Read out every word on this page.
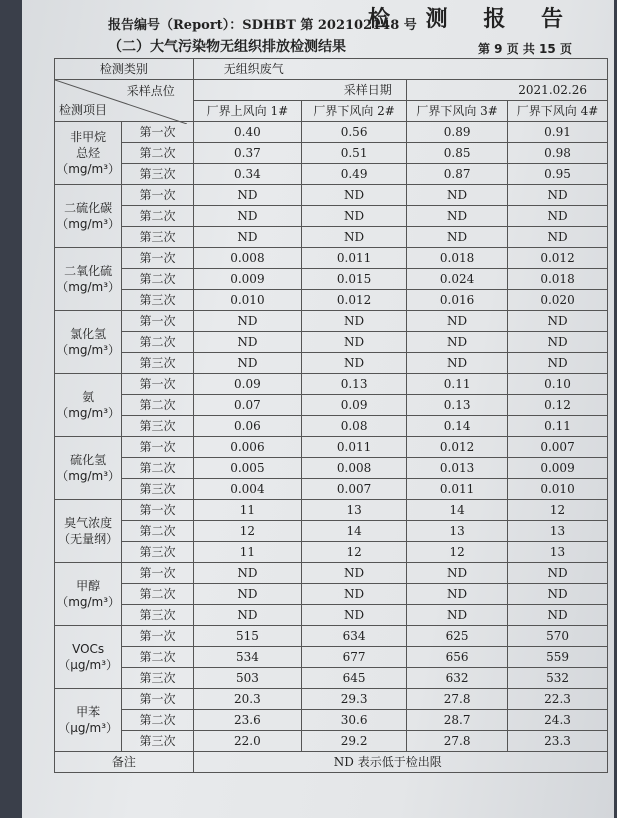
报告编号（Report）：SDHBT 第 202102148 号
检 测 报 告
（二）大气污染物无组织排放检测结果	第 9 页 共 15 页
检测类别		无组织废气			

采样点位
检测项目		采样日期		2021.02.26	
		厂界上风向 1#	厂界下风向 2#	厂界下风向 3#	厂界下风向 4#
非甲烷
总烃
（mg/m³）	第一次	0.40	0.56	0.89	0.91
	第二次	0.37	0.51	0.85	0.98
	第三次	0.34	0.49	0.87	0.95
二硫化碳
（mg/m³）	第一次	ND	ND	ND	ND
	第二次	ND	ND	ND	ND
	第三次	ND	ND	ND	ND
二氧化硫
（mg/m³）	第一次	0.008	0.011	0.018	0.012
	第二次	0.009	0.015	0.024	0.018
	第三次	0.010	0.012	0.016	0.020
氯化氢
（mg/m³）	第一次	ND	ND	ND	ND
	第二次	ND	ND	ND	ND
	第三次	ND	ND	ND	ND
氨
（mg/m³）	第一次	0.09	0.13	0.11	0.10
	第二次	0.07	0.09	0.13	0.12
	第三次	0.06	0.08	0.14	0.11
硫化氢
（mg/m³）	第一次	0.006	0.011	0.012	0.007
	第二次	0.005	0.008	0.013	0.009
	第三次	0.004	0.007	0.011	0.010
臭气浓度
（无量纲）	第一次	11	13	14	12
	第二次	12	14	13	13
	第三次	11	12	12	13
甲醇
（mg/m³）	第一次	ND	ND	ND	ND
	第二次	ND	ND	ND	ND
	第三次	ND	ND	ND	ND
VOCs
（μg/m³）	第一次	515	634	625	570
	第二次	534	677	656	559
	第三次	503	645	632	532
甲苯
（μg/m³）	第一次	20.3	29.3	27.8	22.3
	第二次	23.6	30.6	28.7	24.3
	第三次	22.0	29.2	27.8	23.3
备注		ND 表示低于检出限			
